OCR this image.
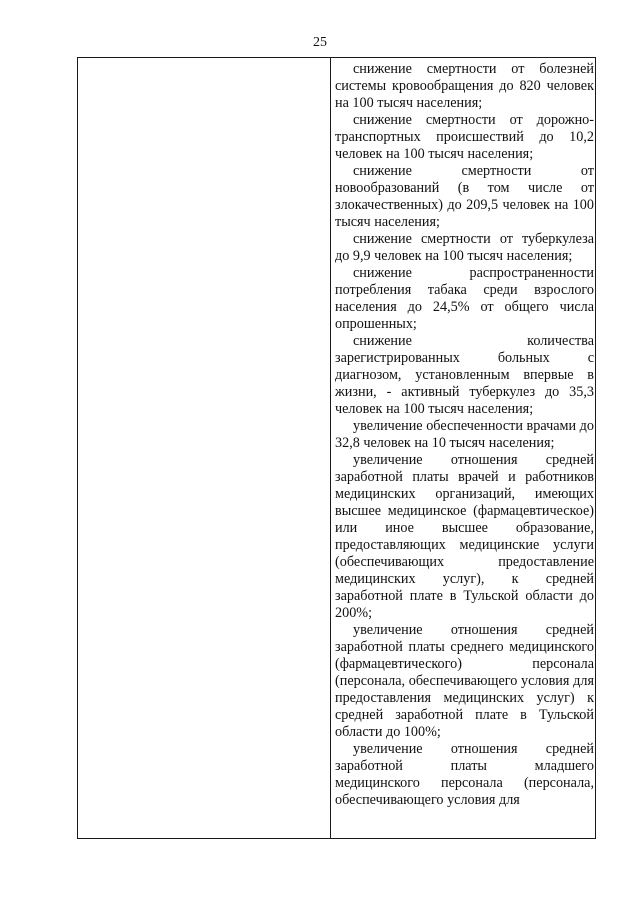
25

снижение смертности от болезней системы кровообращения до 820 человек на 100 тысяч населения;

снижение смертности от дорожно-транспортных происшествий до 10,2 человек на 100 тысяч населения;

снижение смертности от новообразований (в том числе от злокачественных) до 209,5 человек на 100 тысяч населения;

снижение смертности от туберкулеза до 9,9 человек на 100 тысяч населения;

снижение распространенности потребления табака среди взрослого населения до 24,5% от общего числа опрошенных;

снижение количества зарегистрированных больных с диагнозом, установленным впервые в жизни, - активный туберкулез до 35,3 человек на 100 тысяч населения;

увеличение обеспеченности врачами до 32,8 человек на 10 тысяч населения;

увеличение отношения средней заработной платы врачей и работников медицинских организаций, имеющих высшее медицинское (фармацевтическое) или иное высшее образование, предоставляющих медицинские услуги (обеспечивающих предоставление медицинских услуг), к средней заработной плате в Тульской области до 200%;

увеличение отношения средней заработной платы среднего медицинского (фармацевтического) персонала (персонала, обеспечивающего условия для предоставления медицинских услуг) к средней заработной плате в Тульской области до 100%;

увеличение отношения средней заработной платы младшего медицинского персонала (персонала, обеспечивающего условия для
